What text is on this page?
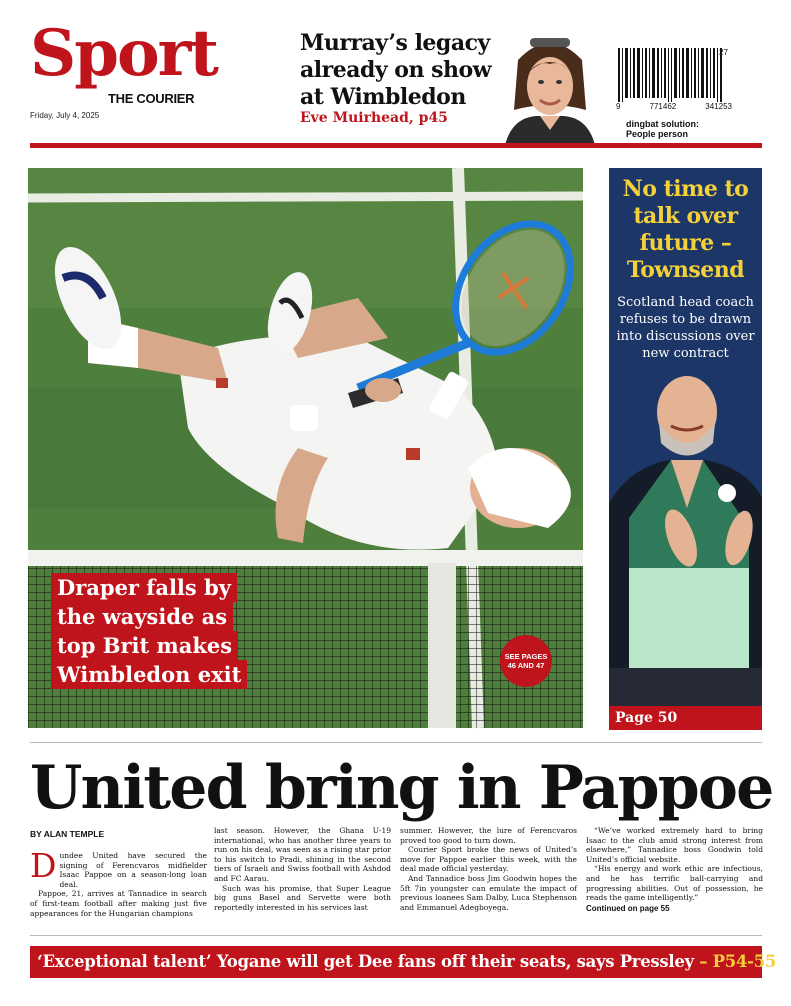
Sport
THE COURIER
Friday, July 4, 2025
Murray’s legacy already on show at Wimbledon
Eve Muirhead, p45
27
9	771462	341253
dingbat solution:
People person
Draper falls by
the wayside as
top Brit makes
Wimbledon exit
SEE PAGES 46 AND 47
No time to talk over future – Townsend
Scotland head coach refuses to be drawn into discussions over new contract
Page 50
United bring in Pappoe
BY ALAN TEMPLE
D undee United have secured the signing of Ferencvaros midfielder Isaac Pappoe on a season-long loan deal.

Pappoe, 21, arrives at Tannadice in search of first-team football after making just five appearances for the Hungarian champions

last season. However, the Ghana U-19 international, who has another three years to run on his deal, was seen as a rising star prior to his switch to Pradi, shining in the second tiers of Israeli and Swiss football with Ashdod and FC Aarau.

Such was his promise, that Super League big guns Basel and Servette were both reportedly interested in his services last

summer. However, the lure of Ferencvaros proved too good to turn down.

Courier Sport broke the news of United’s move for Pappoe earlier this week, with the deal made official yesterday.

And Tannadice boss Jim Goodwin hopes the 5ft 7in youngster can emulate the impact of previous loanees Sam Dalby, Luca Stephenson and Emmanuel Adegboyega.

“We’ve worked extremely hard to bring Isaac to the club amid strong interest from elsewhere,” Tannadice boss Goodwin told United’s official website.

“His energy and work ethic are infectious, and he has terrific ball-carrying and progressing abilities. Out of possession, he reads the game intelligently.”

Continued on page 55
‘Exceptional talent’ Yogane will get Dee fans off their seats, says Pressley – P54-55
